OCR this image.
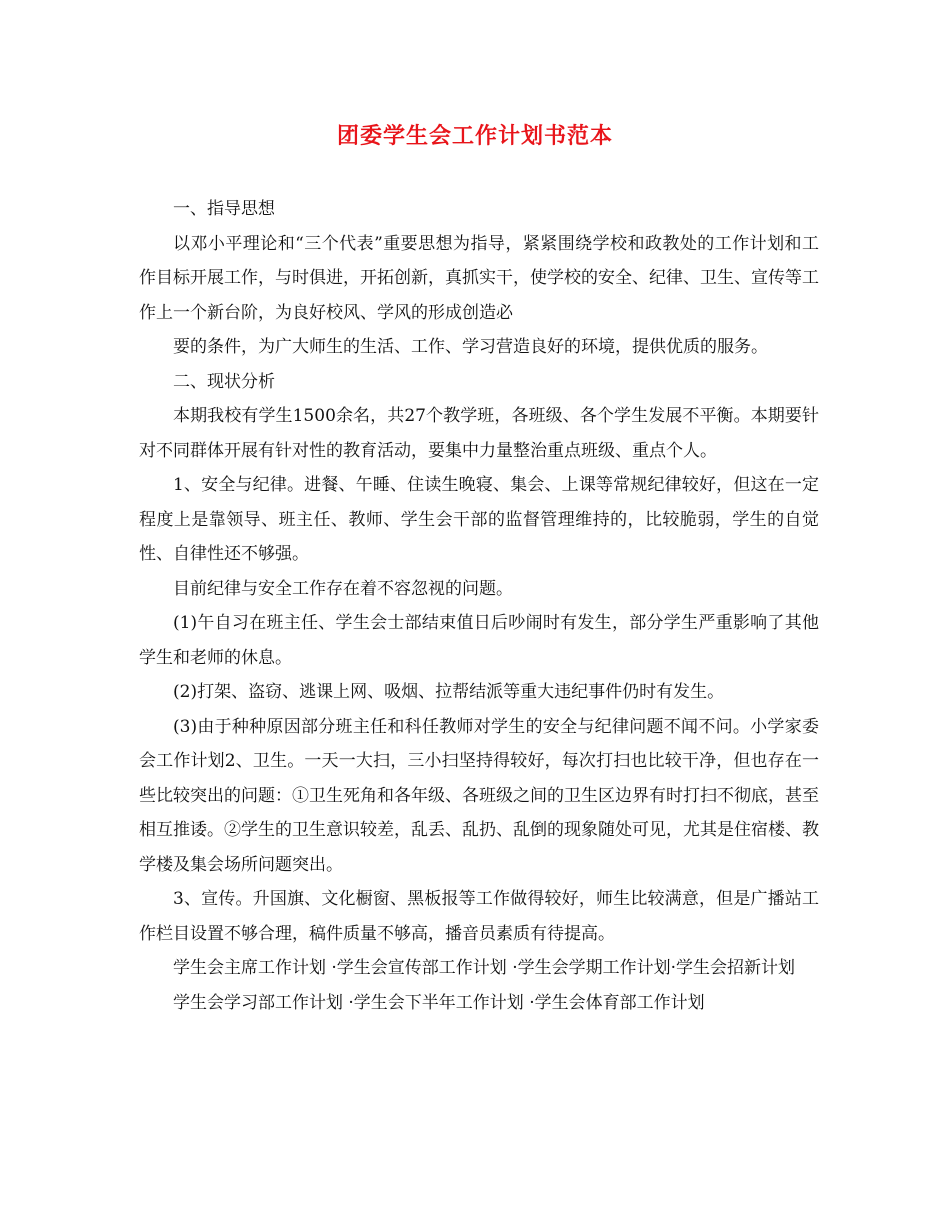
团委学生会工作计划书范本

一、指导思想

以邓小平理论和“三个代表”重要思想为指导，紧紧围绕学校和政教处的工作计划和工作目标开展工作，与时俱进，开拓创新，真抓实干，使学校的安全、纪律、卫生、宣传等工作上一个新台阶，为良好校风、学风的形成创造必

要的条件，为广大师生的生活、工作、学习营造良好的环境，提供优质的服务。

二、现状分析

本期我校有学生1500余名，共27个教学班，各班级、各个学生发展不平衡。本期要针对不同群体开展有针对性的教育活动，要集中力量整治重点班级、重点个人。

1、安全与纪律。进餐、午睡、住读生晚寝、集会、上课等常规纪律较好，但这在一定程度上是靠领导、班主任、教师、学生会干部的监督管理维持的，比较脆弱，学生的自觉性、自律性还不够强。

目前纪律与安全工作存在着不容忽视的问题。

(1)午自习在班主任、学生会士部结束值日后吵闹时有发生，部分学生严重影响了其他学生和老师的休息。

(2)打架、盗窃、逃课上网、吸烟、拉帮结派等重大违纪事件仍时有发生。

(3)由于种种原因部分班主任和科任教师对学生的安全与纪律问题不闻不问。小学家委会工作计划2、卫生。一天一大扫，三小扫坚持得较好，每次打扫也比较干净，但也存在一些比较突出的问题：①卫生死角和各年级、各班级之间的卫生区边界有时打扫不彻底，甚至相互推诿。②学生的卫生意识较差，乱丢、乱扔、乱倒的现象随处可见，尤其是住宿楼、教学楼及集会场所问题突出。

3、宣传。升国旗、文化橱窗、黑板报等工作做得较好，师生比较满意，但是广播站工作栏目设置不够合理，稿件质量不够高，播音员素质有待提高。

学生会主席工作计划 ·学生会宣传部工作计划 ·学生会学期工作计划·学生会招新计划

学生会学习部工作计划 ·学生会下半年工作计划 ·学生会体育部工作计划
